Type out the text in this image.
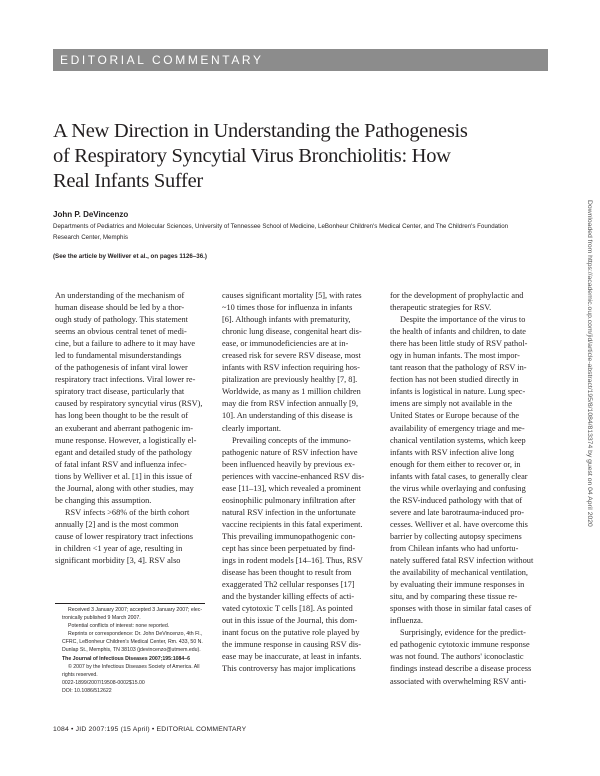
EDITORIAL COMMENTARY
A New Direction in Understanding the Pathogenesis
of Respiratory Syncytial Virus Bronchiolitis: How
Real Infants Suffer
John P. DeVincenzo
Departments of Pediatrics and Molecular Sciences, University of Tennessee School of Medicine, LeBonheur Children's Medical Center, and The Children's Foundation
Research Center, Memphis
(See the article by Welliver et al., on pages 1126–36.)
An understanding of the mechanism of
human disease should be led by a thor-
ough study of pathology. This statement
seems an obvious central tenet of medi-
cine, but a failure to adhere to it may have
led to fundamental misunderstandings
of the pathogenesis of infant viral lower
respiratory tract infections. Viral lower re-
spiratory tract disease, particularly that
caused by respiratory syncytial virus (RSV),
has long been thought to be the result of
an exuberant and aberrant pathogenic im-
mune response. However, a logistically el-
egant and detailed study of the pathology
of fatal infant RSV and influenza infec-
tions by Welliver et al. [1] in this issue of
the Journal, along with other studies, may
be changing this assumption.
RSV infects >68% of the birth cohort
annually [2] and is the most common
cause of lower respiratory tract infections
in children <1 year of age, resulting in
significant morbidity [3, 4]. RSV also
Received 3 January 2007; accepted 3 January 2007; elec-
tronically published 9 March 2007.
Potential conflicts of interest: none reported.
Reprints or correspondence: Dr. John DeVincenzo, 4th Fl.,
CFRC, LeBonheur Children's Medical Center, Rm. 433, 50 N.
Dunlap St., Memphis, TN 38103 (jdevincenzo@utmem.edu).
The Journal of Infectious Diseases 2007;195:1084–6
© 2007 by the Infectious Diseases Society of America. All
rights reserved.
0022-1899/2007/19508-0002$15.00
DOI: 10.1086/512622
causes significant mortality [5], with rates
~10 times those for influenza in infants
[6]. Although infants with prematurity,
chronic lung disease, congenital heart dis-
ease, or immunodeficiencies are at in-
creased risk for severe RSV disease, most
infants with RSV infection requiring hos-
pitalization are previously healthy [7, 8].
Worldwide, as many as 1 million children
may die from RSV infection annually [9,
10]. An understanding of this disease is
clearly important.
Prevailing concepts of the immuno-
pathogenic nature of RSV infection have
been influenced heavily by previous ex-
periences with vaccine-enhanced RSV dis-
ease [11–13], which revealed a prominent
eosinophilic pulmonary infiltration after
natural RSV infection in the unfortunate
vaccine recipients in this fatal experiment.
This prevailing immunopathogenic con-
cept has since been perpetuated by find-
ings in rodent models [14–16]. Thus, RSV
disease has been thought to result from
exaggerated Th2 cellular responses [17]
and the bystander killing effects of acti-
vated cytotoxic T cells [18]. As pointed
out in this issue of the Journal, this dom-
inant focus on the putative role played by
the immune response in causing RSV dis-
ease may be inaccurate, at least in infants.
This controversy has major implications
for the development of prophylactic and
therapeutic strategies for RSV.
Despite the importance of the virus to
the health of infants and children, to date
there has been little study of RSV pathol-
ogy in human infants. The most impor-
tant reason that the pathology of RSV in-
fection has not been studied directly in
infants is logistical in nature. Lung spec-
imens are simply not available in the
United States or Europe because of the
availability of emergency triage and me-
chanical ventilation systems, which keep
infants with RSV infection alive long
enough for them either to recover or, in
infants with fatal cases, to generally clear
the virus while overlaying and confusing
the RSV-induced pathology with that of
severe and late barotrauma-induced pro-
cesses. Welliver et al. have overcome this
barrier by collecting autopsy specimens
from Chilean infants who had unfortu-
nately suffered fatal RSV infection without
the availability of mechanical ventilation,
by evaluating their immune responses in
situ, and by comparing these tissue re-
sponses with those in similar fatal cases of
influenza.
Surprisingly, evidence for the predict-
ed pathogenic cytotoxic immune response
was not found. The authors' iconoclastic
findings instead describe a disease process
associated with overwhelming RSV anti-
1084 • JID 2007:195 (15 April) • EDITORIAL COMMENTARY
Downloaded from https://academic.oup.com/jid/article-abstract/195/8/1084/813374 by guest on 04 April 2020
